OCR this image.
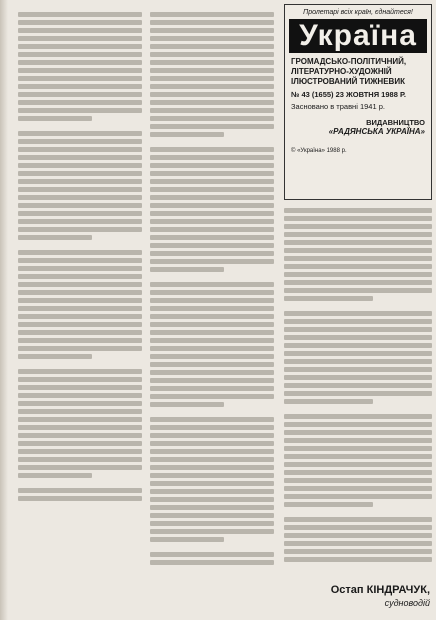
Пролетарі всіх країн, єднайтеся!
Україна
ГРОМАДСЬКО-ПОЛІТИЧНИЙ, ЛІТЕРАТУРНО-ХУДОЖНІЙ ІЛЮСТРОВАНИЙ ТИЖНЕВИК
№ 43 (1655) 23 ЖОВТНЯ 1988 Р.
Засновано в травні 1941 р.
ВИДАВНИЦТВО
«РАДЯНСЬКА УКРАЇНА»
© «Україна» 1988 р.
Остап КІНДРАЧУК,
судноводій
